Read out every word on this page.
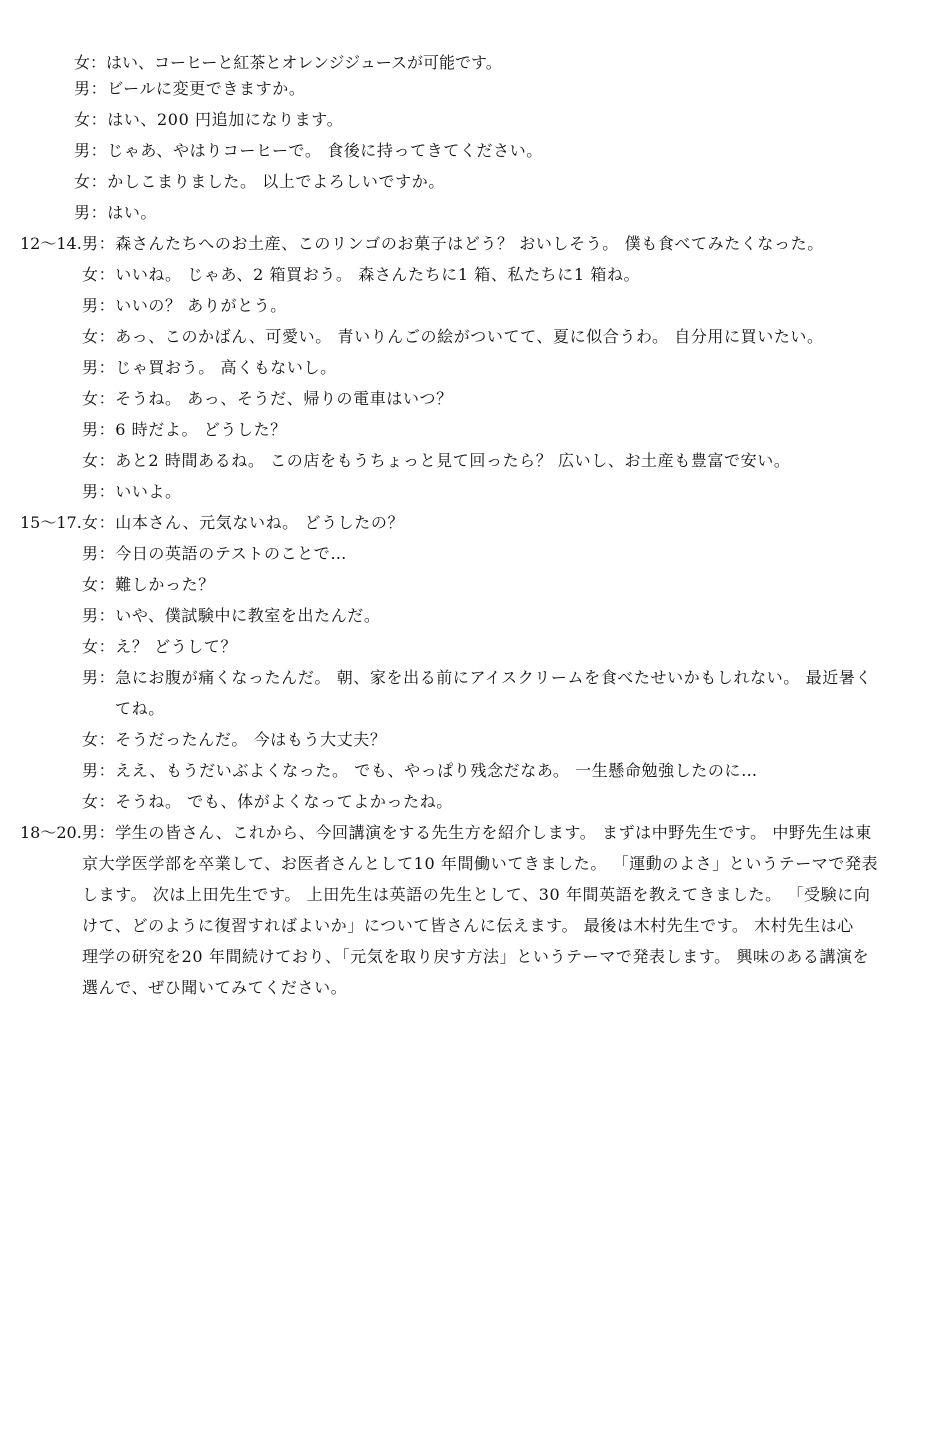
女：はい、コーヒーと紅茶とオレンジジュースが可能です。
男：ビールに変更できますか。
女：はい、200 円追加になります。
男：じゃあ、やはりコーヒーで。 食後に持ってきてください。
女：かしこまりました。 以上でよろしいですか。
男：はい。
12～14. 男：森さんたちへのお土産、このリンゴのお菓子はどう？ おいしそう。 僕も食べてみたくなった。
女：いいね。 じゃあ、2 箱買おう。 森さんたちに1 箱、私たちに1 箱ね。
男：いいの？ ありがとう。
女：あっ、このかばん、可愛い。 青いりんごの絵がついてて、夏に似合うわ。 自分用に買いたい。
男：じゃ買おう。 高くもないし。
女：そうね。 あっ、そうだ、帰りの電車はいつ？
男：6 時だよ。 どうした？
女：あと2 時間あるね。 この店をもうちょっと見て回ったら？ 広いし、お土産も豊富で安い。
男：いいよ。
15～17. 女：山本さん、元気ないね。 どうしたの？
男：今日の英語のテストのことで…
女：難しかった？
男：いや、僕試験中に教室を出たんだ。
女：え？ どうして？
男：急にお腹が痛くなったんだ。 朝、家を出る前にアイスクリームを食べたせいかもしれない。 最近暑く
てね。
女：そうだったんだ。 今はもう大丈夫？
男：ええ、もうだいぶよくなった。 でも、やっぱり残念だなあ。 一生懸命勉強したのに…
女：そうね。 でも、体がよくなってよかったね。
18～20. 男：学生の皆さん、これから、今回講演をする先生方を紹介します。 まずは中野先生です。 中野先生は東
京大学医学部を卒業して、お医者さんとして10 年間働いてきました。 「運動のよさ」というテーマで発表
します。 次は上田先生です。 上田先生は英語の先生として、30 年間英語を教えてきました。 「受験に向
けて、どのように復習すればよいか」について皆さんに伝えます。 最後は木村先生です。 木村先生は心
理学の研究を20 年間続けており、「元気を取り戻す方法」というテーマで発表します。 興味のある講演を
選んで、ぜひ聞いてみてください。
